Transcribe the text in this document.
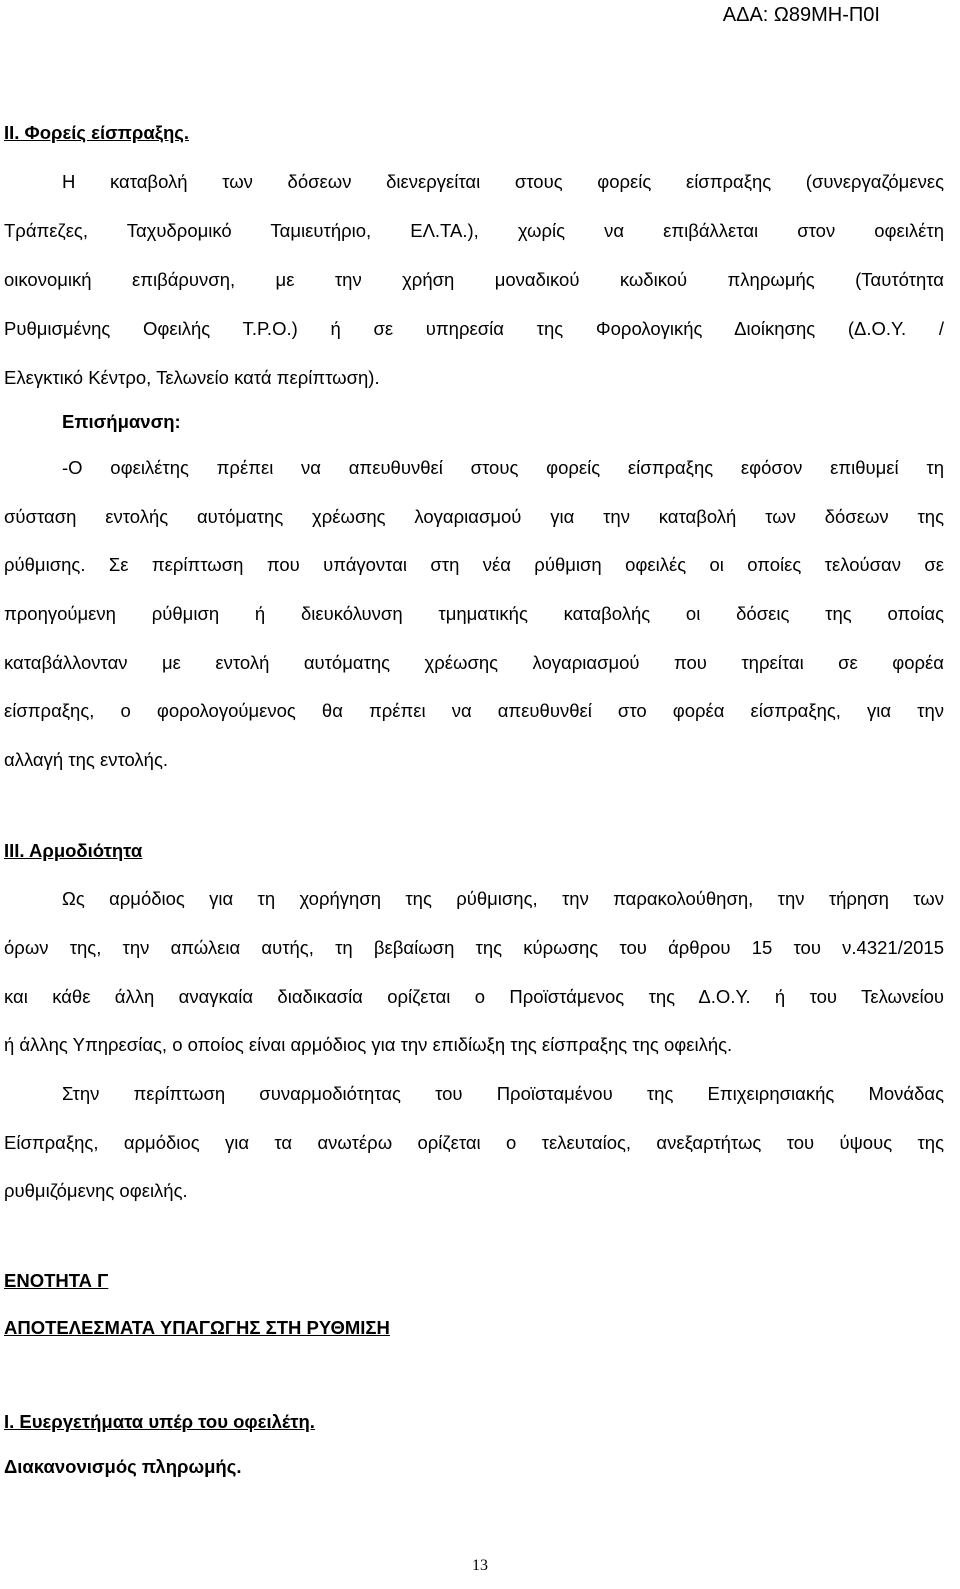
ΑΔΑ: Ω89ΜΗ-Π0Ι
ΙΙ. Φορείς είσπραξης.
Η καταβολή των δόσεων διενεργείται στους φορείς είσπραξης (συνεργαζόμενες
Τράπεζες, Ταχυδρομικό Ταμιευτήριο, ΕΛ.ΤΑ.), χωρίς να επιβάλλεται στον οφειλέτη
οικονομική επιβάρυνση, με την χρήση μοναδικού κωδικού πληρωμής (Ταυτότητα
Ρυθμισμένης Οφειλής Τ.Ρ.Ο.) ή σε υπηρεσία της Φορολογικής Διοίκησης (Δ.Ο.Υ. /
Ελεγκτικό Κέντρο, Τελωνείο κατά περίπτωση).
Επισήμανση:
-Ο οφειλέτης πρέπει να απευθυνθεί στους φορείς είσπραξης εφόσον επιθυμεί τη
σύσταση εντολής αυτόματης χρέωσης λογαριασμού για την καταβολή των δόσεων της
ρύθμισης. Σε περίπτωση που υπάγονται στη νέα ρύθμιση οφειλές οι οποίες τελούσαν σε
προηγούμενη ρύθμιση ή διευκόλυνση τμηματικής καταβολής οι δόσεις της οποίας
καταβάλλονταν με εντολή αυτόματης χρέωσης λογαριασμού που τηρείται σε φορέα
είσπραξης, ο φορολογούμενος θα πρέπει να απευθυνθεί στο φορέα είσπραξης, για την
αλλαγή της εντολής.
ΙΙΙ. Αρμοδιότητα
Ως αρμόδιος για τη χορήγηση της ρύθμισης, την παρακολούθηση, την τήρηση των
όρων της, την απώλεια αυτής, τη βεβαίωση της κύρωσης του άρθρου 15 του ν.4321/2015
και κάθε άλλη αναγκαία διαδικασία ορίζεται ο Προϊστάμενος της Δ.Ο.Υ. ή του Τελωνείου
ή άλλης Υπηρεσίας, ο οποίος είναι αρμόδιος για την επιδίωξη της είσπραξης της οφειλής.
Στην περίπτωση συναρμοδιότητας του Προϊσταμένου της Επιχειρησιακής Μονάδας
Είσπραξης, αρμόδιος για τα ανωτέρω ορίζεται ο τελευταίος, ανεξαρτήτως του ύψους της
ρυθμιζόμενης οφειλής.
ΕΝΟΤΗΤΑ Γ
ΑΠΟΤΕΛΕΣΜΑΤΑ ΥΠΑΓΩΓΗΣ ΣΤΗ ΡΥΘΜΙΣΗ
Ι. Ευεργετήματα υπέρ του οφειλέτη.
Διακανονισμός πληρωμής.
13
